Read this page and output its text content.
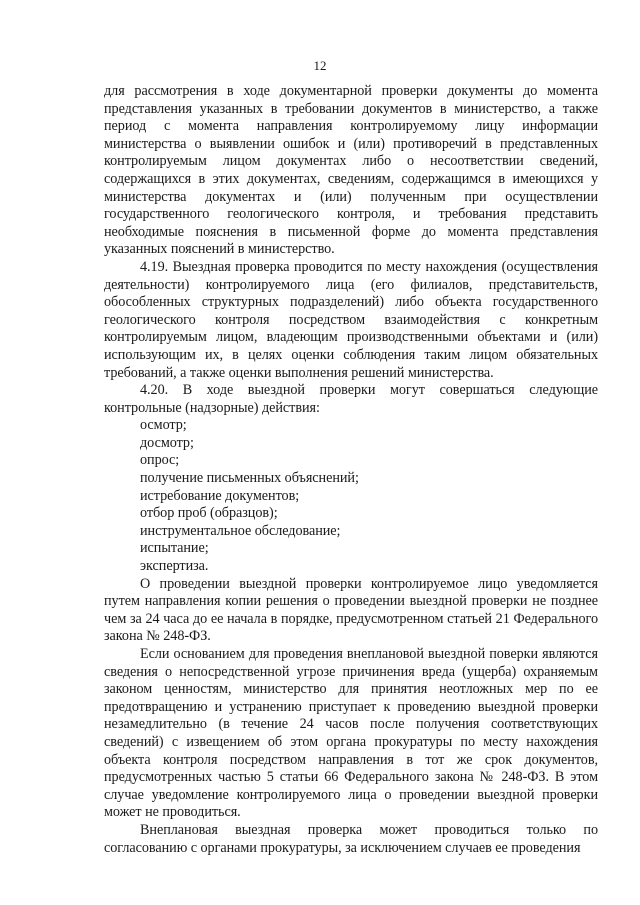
12

для рассмотрения в ходе документарной проверки документы до момента представления указанных в требовании документов в министерство, а также период с момента направления контролируемому лицу информации министерства о выявлении ошибок и (или) противоречий в представленных контролируемым лицом документах либо о несоответствии сведений, содержащихся в этих документах, сведениям, содержащимся в имеющихся у министерства документах и (или) полученным при осуществлении государственного геологического контроля, и требования представить необходимые пояснения в письменной форме до момента представления указанных пояснений в министерство.

4.19. Выездная проверка проводится по месту нахождения (осуществления деятельности) контролируемого лица (его филиалов, представительств, обособленных структурных подразделений) либо объекта государственного геологического контроля посредством взаимодействия с конкретным контролируемым лицом, владеющим производственными объектами и (или) использующим их, в целях оценки соблюдения таким лицом обязательных требований, а также оценки выполнения решений министерства.

4.20. В ходе выездной проверки могут совершаться следующие контрольные (надзорные) действия:

осмотр;
досмотр;
опрос;
получение письменных объяснений;
истребование документов;
отбор проб (образцов);
инструментальное обследование;
испытание;
экспертиза.

О проведении выездной проверки контролируемое лицо уведомляется путем направления копии решения о проведении выездной проверки не позднее чем за 24 часа до ее начала в порядке, предусмотренном статьей 21 Федерального закона № 248-ФЗ.

Если основанием для проведения внеплановой выездной поверки являются сведения о непосредственной угрозе причинения вреда (ущерба) охраняемым законом ценностям, министерство для принятия неотложных мер по ее предотвращению и устранению приступает к проведению выездной проверки незамедлительно (в течение 24 часов после получения соответствующих сведений) с извещением об этом органа прокуратуры по месту нахождения объекта контроля посредством направления в тот же срок документов, предусмотренных частью 5 статьи 66 Федерального закона № 248-ФЗ. В этом случае уведомление контролируемого лица о проведении выездной проверки может не проводиться.

Внеплановая выездная проверка может проводиться только по согласованию с органами прокуратуры, за исключением случаев ее проведения
